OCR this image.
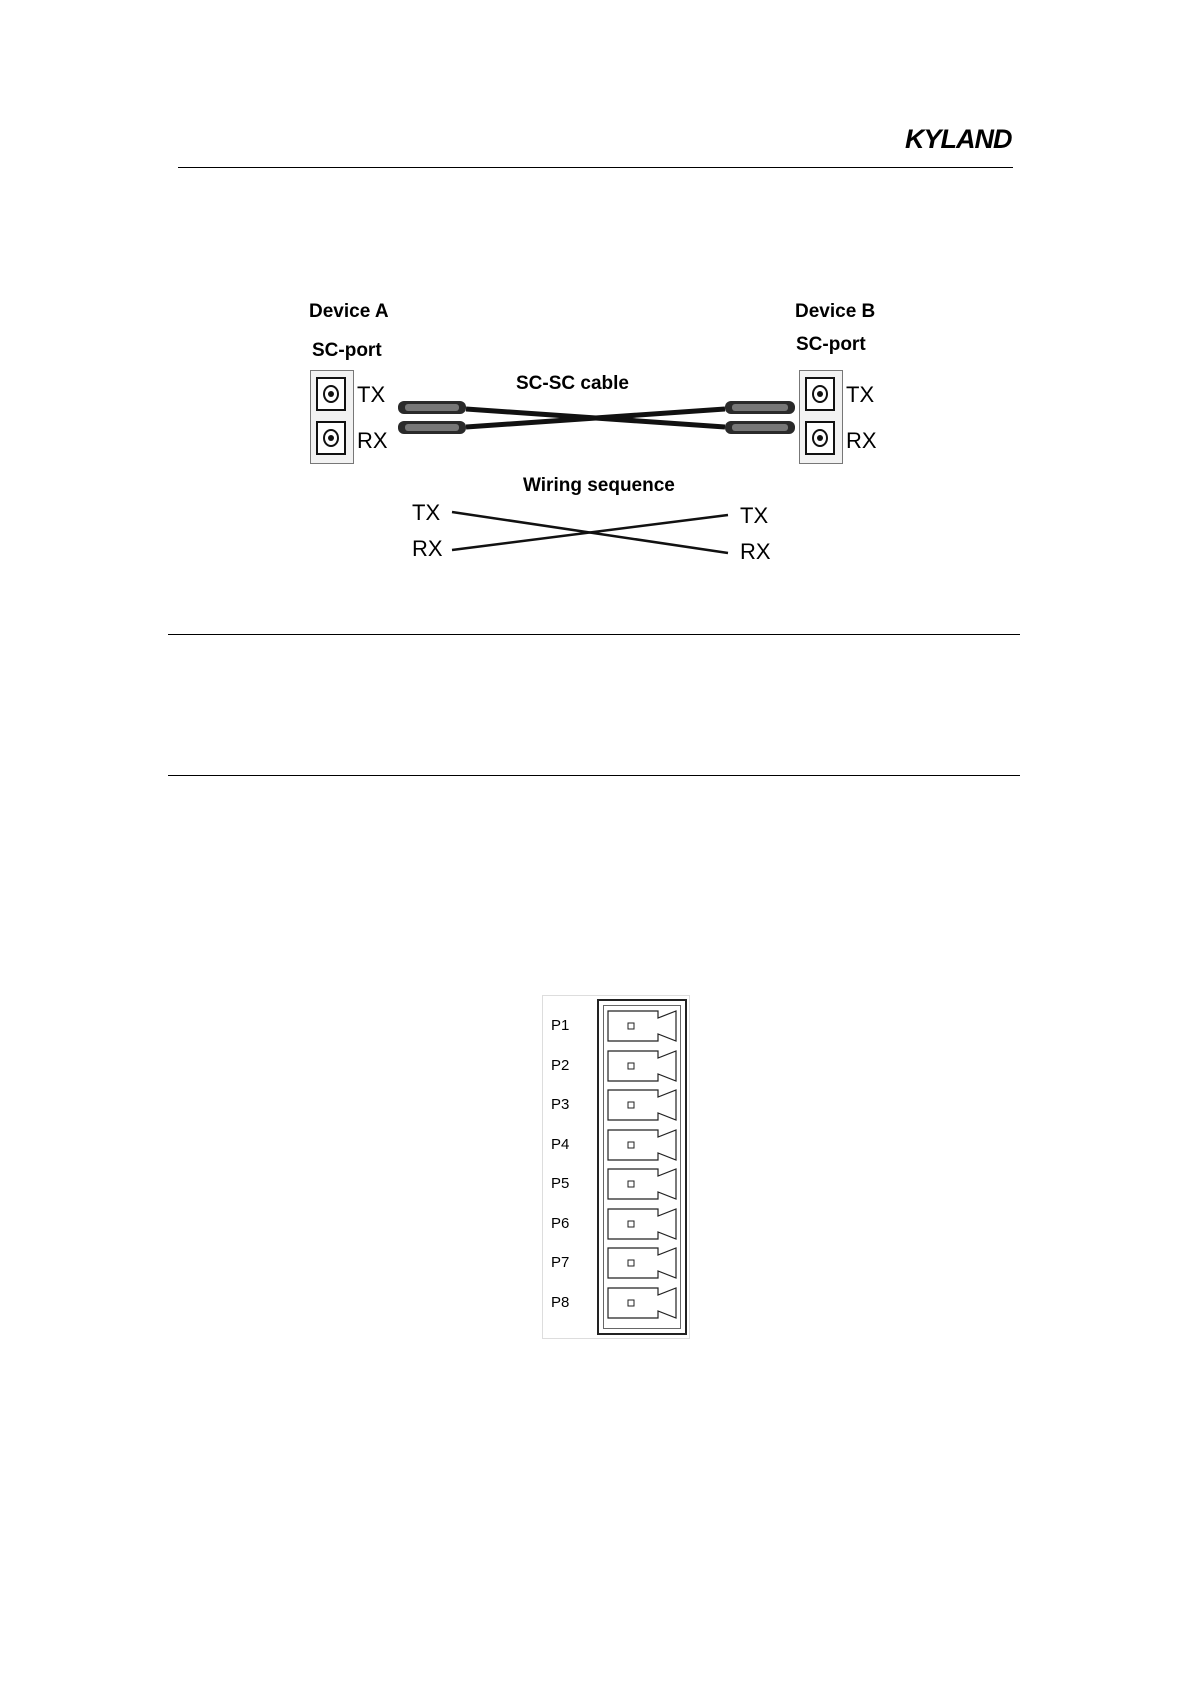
KYLAND
Device A
SC-port
Device B
SC-port
SC-SC cable
TX
RX
TX
RX
Wiring sequence
TX
RX
TX
RX
P1
P2
P3
P4
P5
P6
P7
P8
